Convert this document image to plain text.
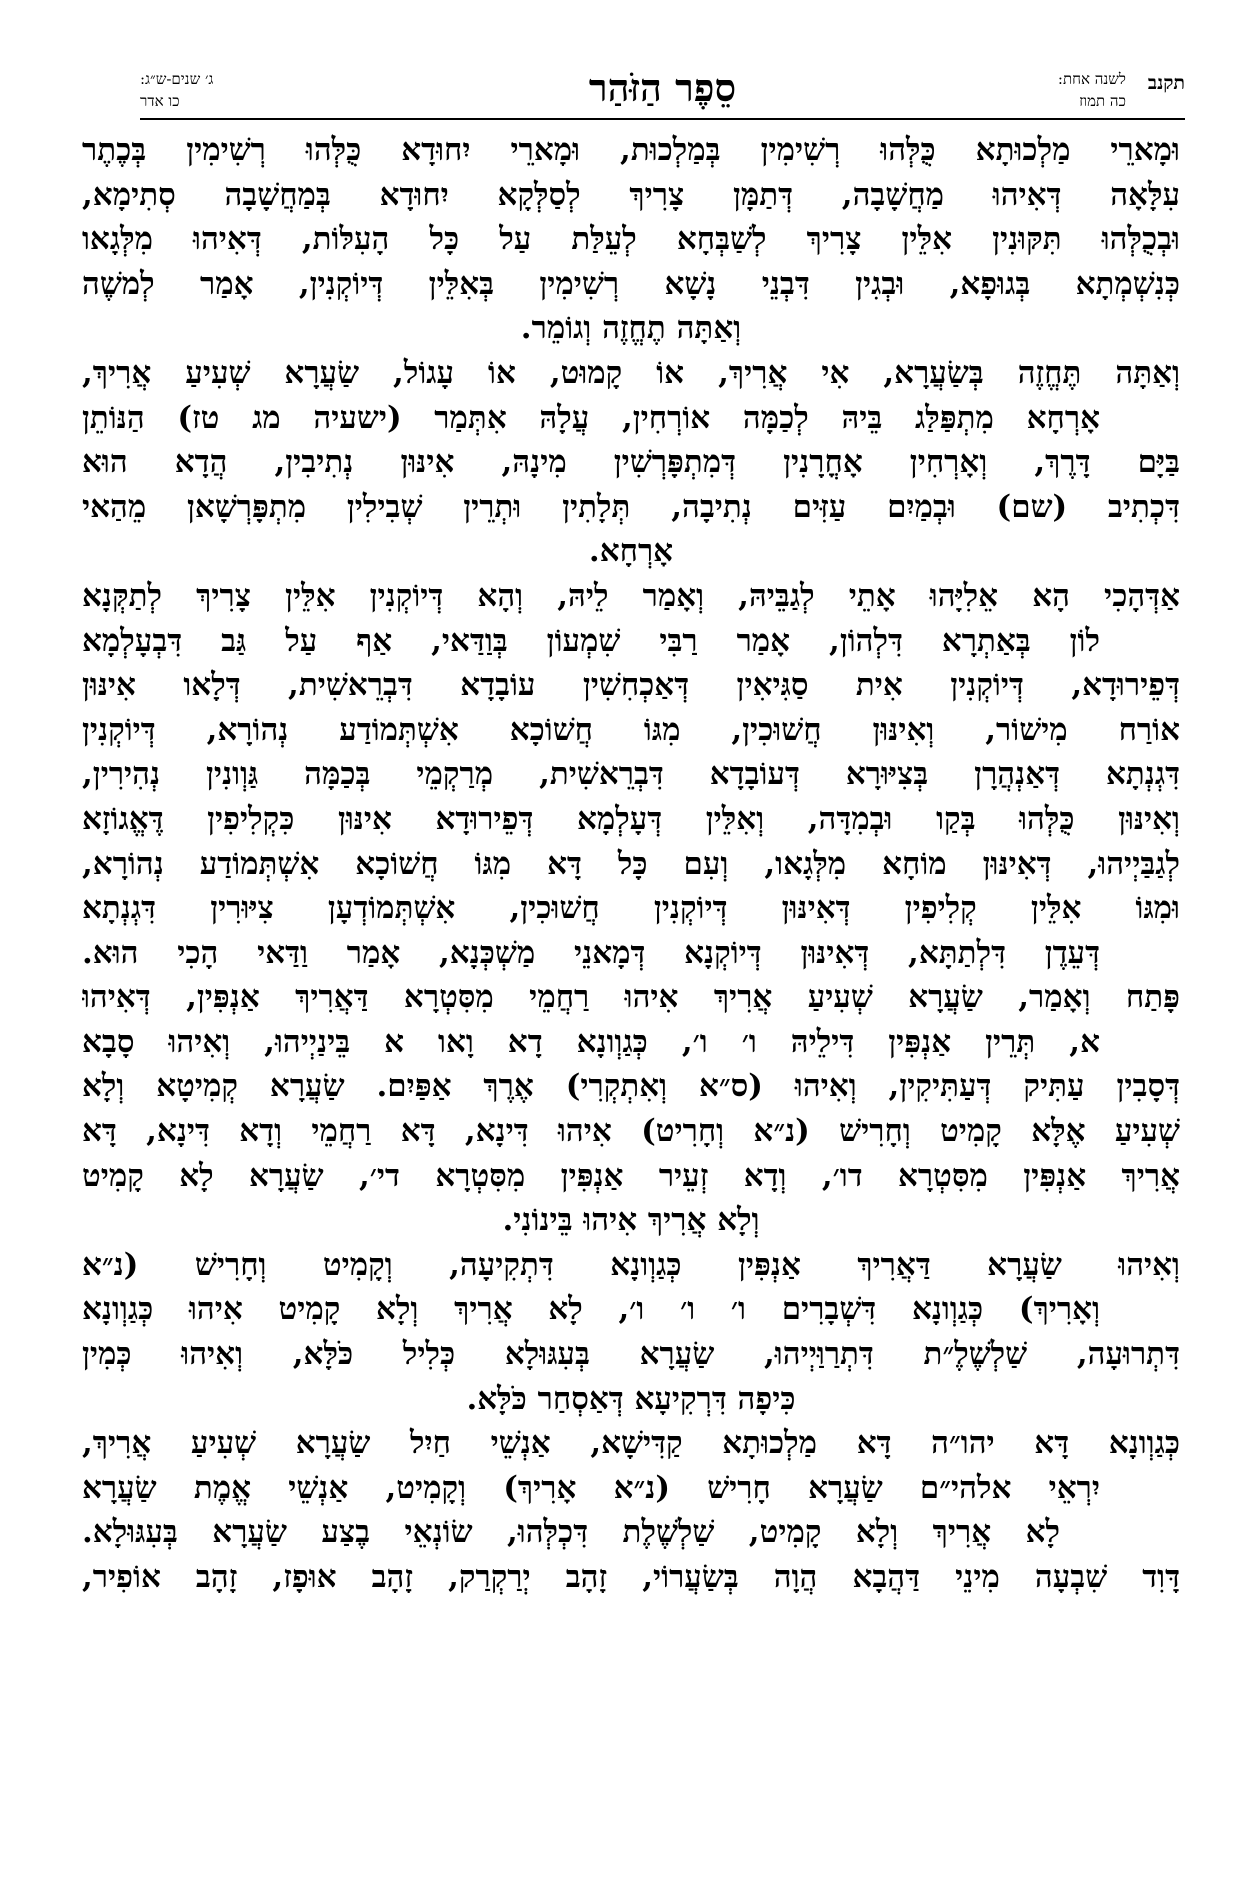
תקנב
לשנה אחת:
כה תמוז
סֵפֶר הַזֹּהַר
ג׳ שנים-ש״ג:
כו אדר
וּמָארֵי מַלְכוּתָא כֻּלְּהוּ רְשִׁימִין בְּמַלְכוּת, וּמָארֵי יִחוּדָא כֻּלְּהוּ רְשִׁימִין בְּכֶתֶר
עִלָּאָה דְּאִיהוּ מַחֲשָׁבָה, דְּתַמָּן צָרִיךְ לְסַלְּקָא יִחוּדָא בְּמַחֲשָׁבָה סְתִימָא,
וּבְכֻלְּהוּ תִּקּוּנִין אִלֵּין צָרִיךְ לְשַׁבְּחָא לְעֵלַּת עַל כָּל הָעִלּוֹת, דְּאִיהוּ מִלְּגָאו
כְּנִשְׁמְתָא בְּגוּפָא, וּבְגִין דִּבְנֵי נָשָׁא רְשִׁימִין בְּאִלֵּין דְּיוֹקְנִין, אָמַר לְמשֶׁה
וְאַתָּה תֶחֱזֶה וְגוֹמֵר.
וְאַתָּה תֶּחֱזֶה בְּשַׂעֲרָא, אִי אֲרִיךְ, אוֹ קָמוּט, אוֹ עָגוֹל, שַׂעֲרָא שְׁעִיעַ אֲרִיךְ,
אָרְחָא מִתְפַּלַּג בֵּיהּ לְכַמָּה אוֹרְחִין, עֲלָהּ אִתְּמַר (ישעיה מג טז) הַנּוֹתֵן
בַּיָּם דָּרֶךְ, וְאָרְחִין אָחֳרָנִין דְּמִתְפָּרְשִׁין מִינָהּ, אִינּוּן נְתִיבִין, הֲדָא הוּא
דִּכְתִיב (שם) וּבְמַיִם עַזִּים נְתִיבָה, תְּלָתִין וּתְרֵין שְׁבִילִין מִתְפָּרְשָׁאן מֵהַאי
אָרְחָא.
אַדְּהָכִי הָא אֵלִיָּהוּ אָתֵי לְגַבֵּיהּ, וְאָמַר לֵיהּ, וְהָא דְּיוֹקְנִין אִלֵּין צָרִיךְ לְתַקְּנָא
לוֹן בְּאַתְרָא דִּלְהוֹן, אָמַר רַבִּי שִׁמְעוֹן בְּוַדַּאי, אַף עַל גַּב דִּבְעָלְמָא
דְּפֵירוּדָא, דְּיוֹקְנִין אִית סַגִּיאִין דְּאַכְחִשִׁין עוֹבָדָא דִּבְרֵאשִׁית, דְּלָאו אִינּוּן
אוֹרַח מִישׁוֹר, וְאִינּוּן חֲשׁוּכִין, מִגּוֹ חֲשׁוֹכָא אִשְׁתְּמוֹדַע נְהוֹרָא, דְּיוֹקְנִין
דִּגְנְתָא דְּאַנְהֲרָן בְּצִיּוּרָא דְּעוֹבָדָא דִּבְרֵאשִׁית, מְרַקְמֵי בְּכַמָּה גַּוְונִין נְהִירִין,
וְאִינּוּן כֻּלְּהוּ בְּקַו וּבְמִדָּה, וְאִלֵּין דְּעָלְמָא דְּפֵירוּדָא אִינּוּן כִּקְלִיפִין דֶּאֱגוֹזָא
לְגַבַּיְיהוּ, דְּאִינּוּן מוֹחָא מִלְּגָאו, וְעִם כָּל דָּא מִגּוֹ חֲשׁוֹכָא אִשְׁתְּמוֹדַע נְהוֹרָא,
וּמִגּוֹ אִלֵּין קְלִיפִין דְּאִינּוּן דְּיוֹקְנִין חֲשׁוּכִין, אִשְׁתְּמוֹדְעָן צִיּוּרִין דִּגְנְתָא
דְּעֵדֶן דִּלְתַתָּא, דְּאִינּוּן דְּיוֹקְנָא דְּמָאנֵי מַשְׁכְּנָא, אָמַר וַדַּאי הָכִי הוּא.
פָּתַח וְאָמַר, שַׂעֲרָא שְׁעִיעַ אֲרִיךְ אִיהוּ רַחֲמֵי מִסִּטְרָא דַּאֲרִיךְ אַנְפִּין, דְּאִיהוּ
א, תְּרֵין אַנְפִּין דִּילֵיהּ ו׳ ו׳, כְּגַוְונָא דָא וָאו א בֵּינַיְיהוּ, וְאִיהוּ סָבָא
דְּסָבִין עַתִּיק דְּעַתִּיקִין, וְאִיהוּ (ס״א וְאִתְקְרִי) אֶרֶךְ אַפַּיִם. שַׂעֲרָא קְמִיטָא וְלָא
שְׁעִיעַ אֶלָּא קָמִיט וְחָרִישׁ (נ״א וְחָרִיט) אִיהוּ דִּינָא, דָּא רַחֲמֵי וְדָא דִּינָא, דָּא
אֲרִיךְ אַנְפִּין מִסִּטְרָא דו׳, וְדָא זְעֵיר אַנְפִּין מִסִּטְרָא די׳, שַׂעֲרָא לָא קָמִיט
וְלָא אֲרִיךְ אִיהוּ בֵּינוֹנִי.
וְאִיהוּ שַׂעֲרָא דַּאֲרִיךְ אַנְפִּין כְּגַוְונָא דִּתְקִיעָה, וְקָמִיט וְחָרִישׁ (נ״א
וְאָרִיךְ) כְּגַוְונָא דִּשְׁבָרִים ו׳ ו׳ ו׳, לָא אֲרִיךְ וְלָא קָמִיט אִיהוּ כְּגַוְונָא
דִּתְרוּעָה, שַׁלְשֶׁלֶ״ת דִּתְרַוַּיְיהוּ, שַׂעֲרָא בְּעִגּוּלָא כְּלִיל כֹּלָּא, וְאִיהוּ כְּמִין
כִּיפָה דִּרְקִיעָא דְּאַסְחַר כֹּלָּא.
כְּגַוְונָא דָּא יהו״ה דָּא מַלְכוּתָא קַדִּישָׁא, אַנְשֵׁי חַיִל שַׂעֲרָא שְׁעִיעַ אֲרִיךְ,
יִרְאֵי אלהי״ם שַׂעֲרָא חָרִישׁ (נ״א אָרִיךְ) וְקָמִיט, אַנְשֵׁי אֱמֶת שַׂעֲרָא
לָא אֲרִיךְ וְלָא קָמִיט, שַׁלְשֶׁלֶת דִּכְלְּהוּ, שׂוֹנְאֵי בֶצַע שַׂעֲרָא בְּעִגּוּלָא.
דָּוִד שִׁבְעָה מִינֵי דַּהֲבָא הֲוָה בְּשַׂעֲרוֹי, זָהָב יְרַקְרַק, זָהָב אוּפָז, זָהָב אוֹפִיר,
